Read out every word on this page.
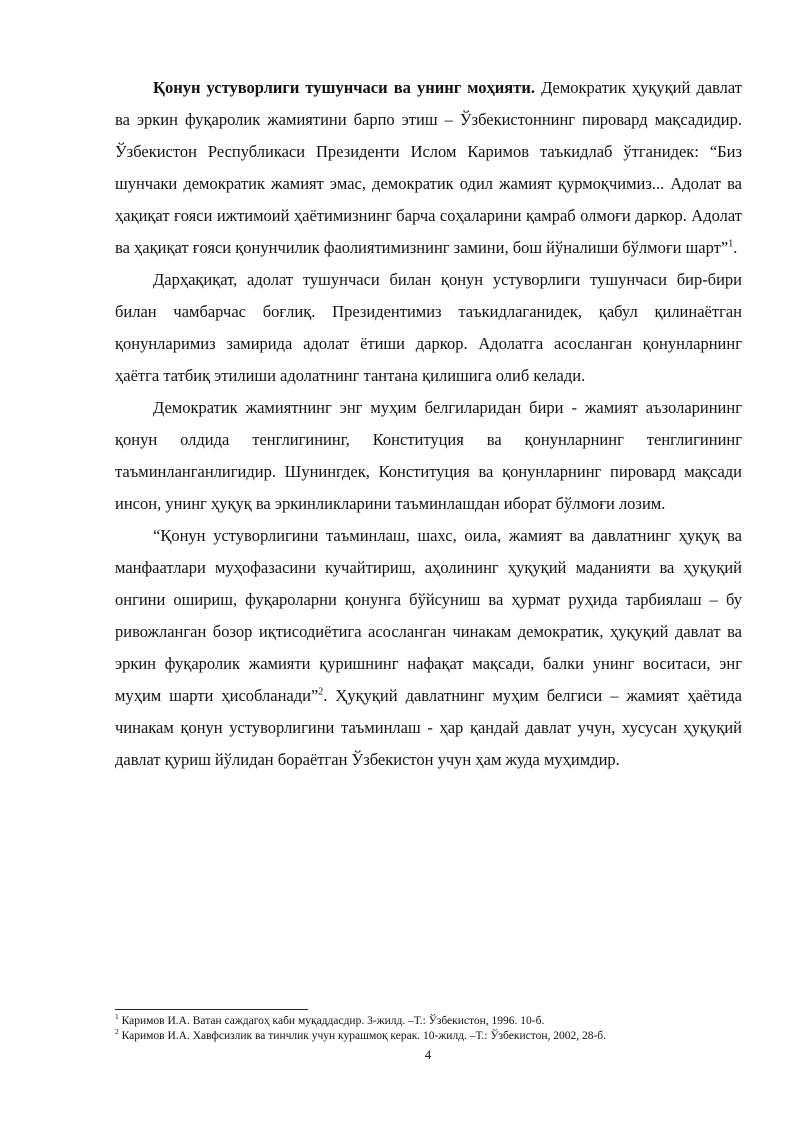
Қонун устуворлиги тушунчаси ва унинг моҳияти. Демократик ҳуқуқий давлат ва эркин фуқаролик жамиятини барпо этиш – Ўзбекистоннинг пировард мақсадидир. Ўзбекистон Республикаси Президенти Ислом Каримов таъкидлаб ўтганидек: “Биз шунчаки демократик жамият эмас, демократик одил жамият қурмоқчимиз... Адолат ва ҳақиқат ғояси ижтимоий ҳаётимизнинг барча соҳаларини қамраб олмоғи даркор. Адолат ва ҳақиқат ғояси қонунчилик фаолиятимизнинг замини, бош йўналиши бўлмоғи шарт”$^1$.

Дарҳақиқат, адолат тушунчаси билан қонун устуворлиги тушунчаси бир-бири билан чамбарчас боғлиқ. Президентимиз таъкидлаганидек, қабул қилинаётган қонунларимиз замирида адолат ётиши даркор. Адолатга асосланган қонунларнинг ҳаётга татбиқ этилиши адолатнинг тантана қилишига олиб келади.

Демократик жамиятнинг энг муҳим белгиларидан бири - жамият аъзоларининг қонун олдида тенглигининг, Конституция ва қонунларнинг тенглигининг таъминланганлигидир. Шунингдек, Конституция ва қонунларнинг пировард мақсади инсон, унинг ҳуқуқ ва эркинликларини таъминлашдан иборат бўлмоғи лозим.

“Қонун устуворлигини таъминлаш, шахс, оила, жамият ва давлатнинг ҳуқуқ ва манфаатлари муҳофазасини кучайтириш, аҳолининг ҳуқуқий маданияти ва ҳуқуқий онгини ошириш, фуқароларни қонунга бўйсуниш ва ҳурмат руҳида тарбиялаш – бу ривожланган бозор иқтисодиётига асосланган чинакам демократик, ҳуқуқий давлат ва эркин фуқаролик жамияти қуришнинг нафақат мақсади, балки унинг воситаси, энг муҳим шарти ҳисобланади”$^2$. Ҳуқуқий давлатнинг муҳим белгиси – жамият ҳаётида чинакам қонун устуворлигини таъминлаш - ҳар қандай давлат учун, хусусан ҳуқуқий давлат қуриш йўлидан бораётган Ўзбекистон учун ҳам жуда муҳимдир.

$^1$ Каримов И.А. Ватан саждагоҳ каби муқаддасдир. 3-жилд. –Т.: Ўзбекистон, 1996. 10-б.

$^2$ Каримов И.А. Хавфсизлик ва тинчлик учун курашмоқ керак. 10-жилд. –Т.: Ўзбекистон, 2002, 28-б.

4
